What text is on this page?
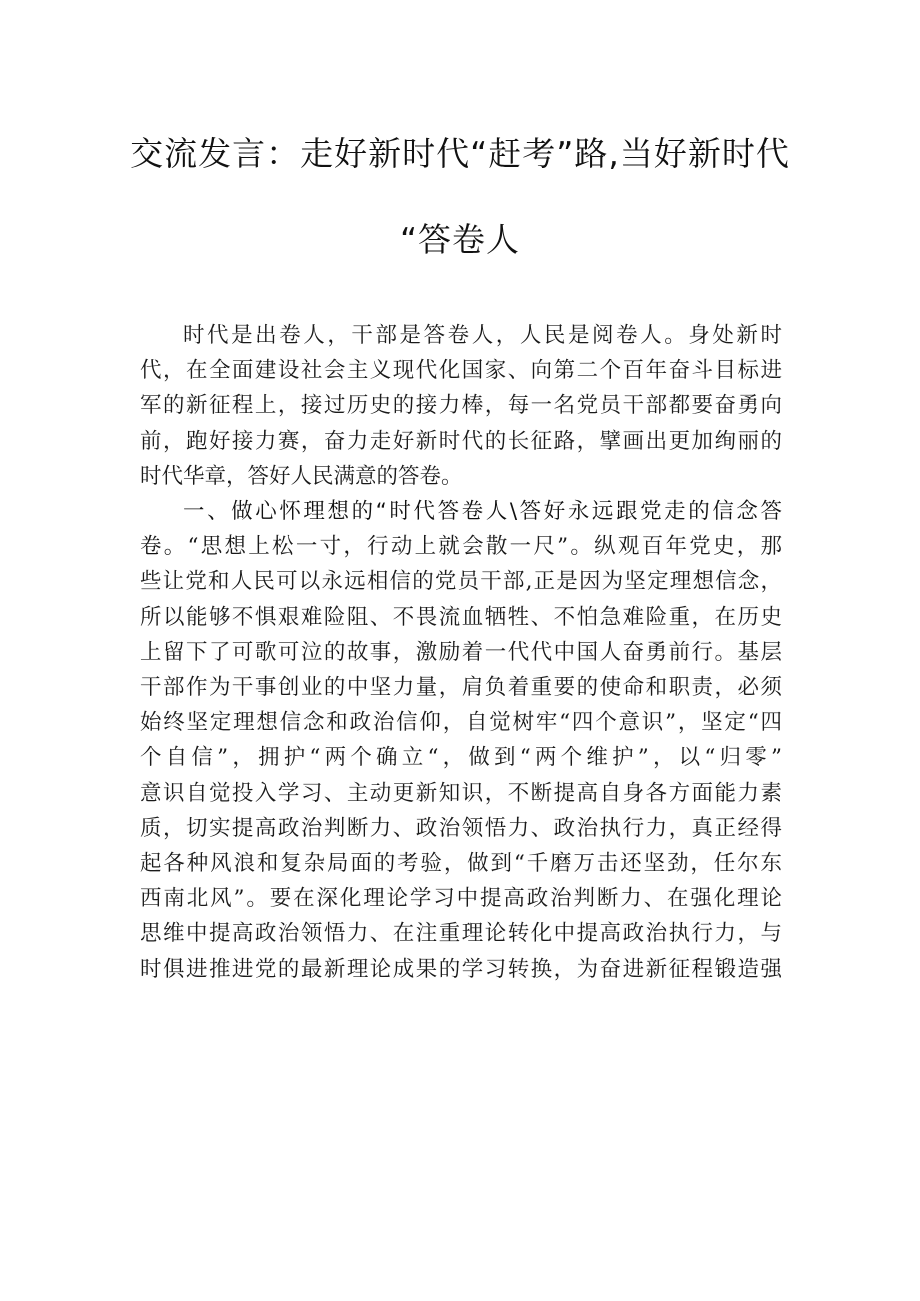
交流发言：走好新时代“赶考”路,当好新时代
“答卷人
时代是出卷人，干部是答卷人，人民是阅卷人。身处新时
代，在全面建设社会主义现代化国家、向第二个百年奋斗目标进
军的新征程上，接过历史的接力棒，每一名党员干部都要奋勇向
前，跑好接力赛，奋力走好新时代的长征路，擘画出更加绚丽的
时代华章，答好人民满意的答卷。
一、做心怀理想的“时代答卷人\答好永远跟党走的信念答
卷。“思想上松一寸，行动上就会散一尺”。纵观百年党史，那
些让党和人民可以永远相信的党员干部,正是因为坚定理想信念，
所以能够不惧艰难险阻、不畏流血牺牲、不怕急难险重，在历史
上留下了可歌可泣的故事，激励着一代代中国人奋勇前行。基层
干部作为干事创业的中坚力量，肩负着重要的使命和职责，必须
始终坚定理想信念和政治信仰，自觉树牢“四个意识”，坚定“四
个自信”，拥护“两个确立“，做到“两个维护”，以“归零”
意识自觉投入学习、主动更新知识，不断提高自身各方面能力素
质，切实提高政治判断力、政治领悟力、政治执行力，真正经得
起各种风浪和复杂局面的考验，做到“千磨万击还坚劲，任尔东
西南北风”。要在深化理论学习中提高政治判断力、在强化理论
思维中提高政治领悟力、在注重理论转化中提高政治执行力，与
时俱进推进党的最新理论成果的学习转换，为奋进新征程锻造强
